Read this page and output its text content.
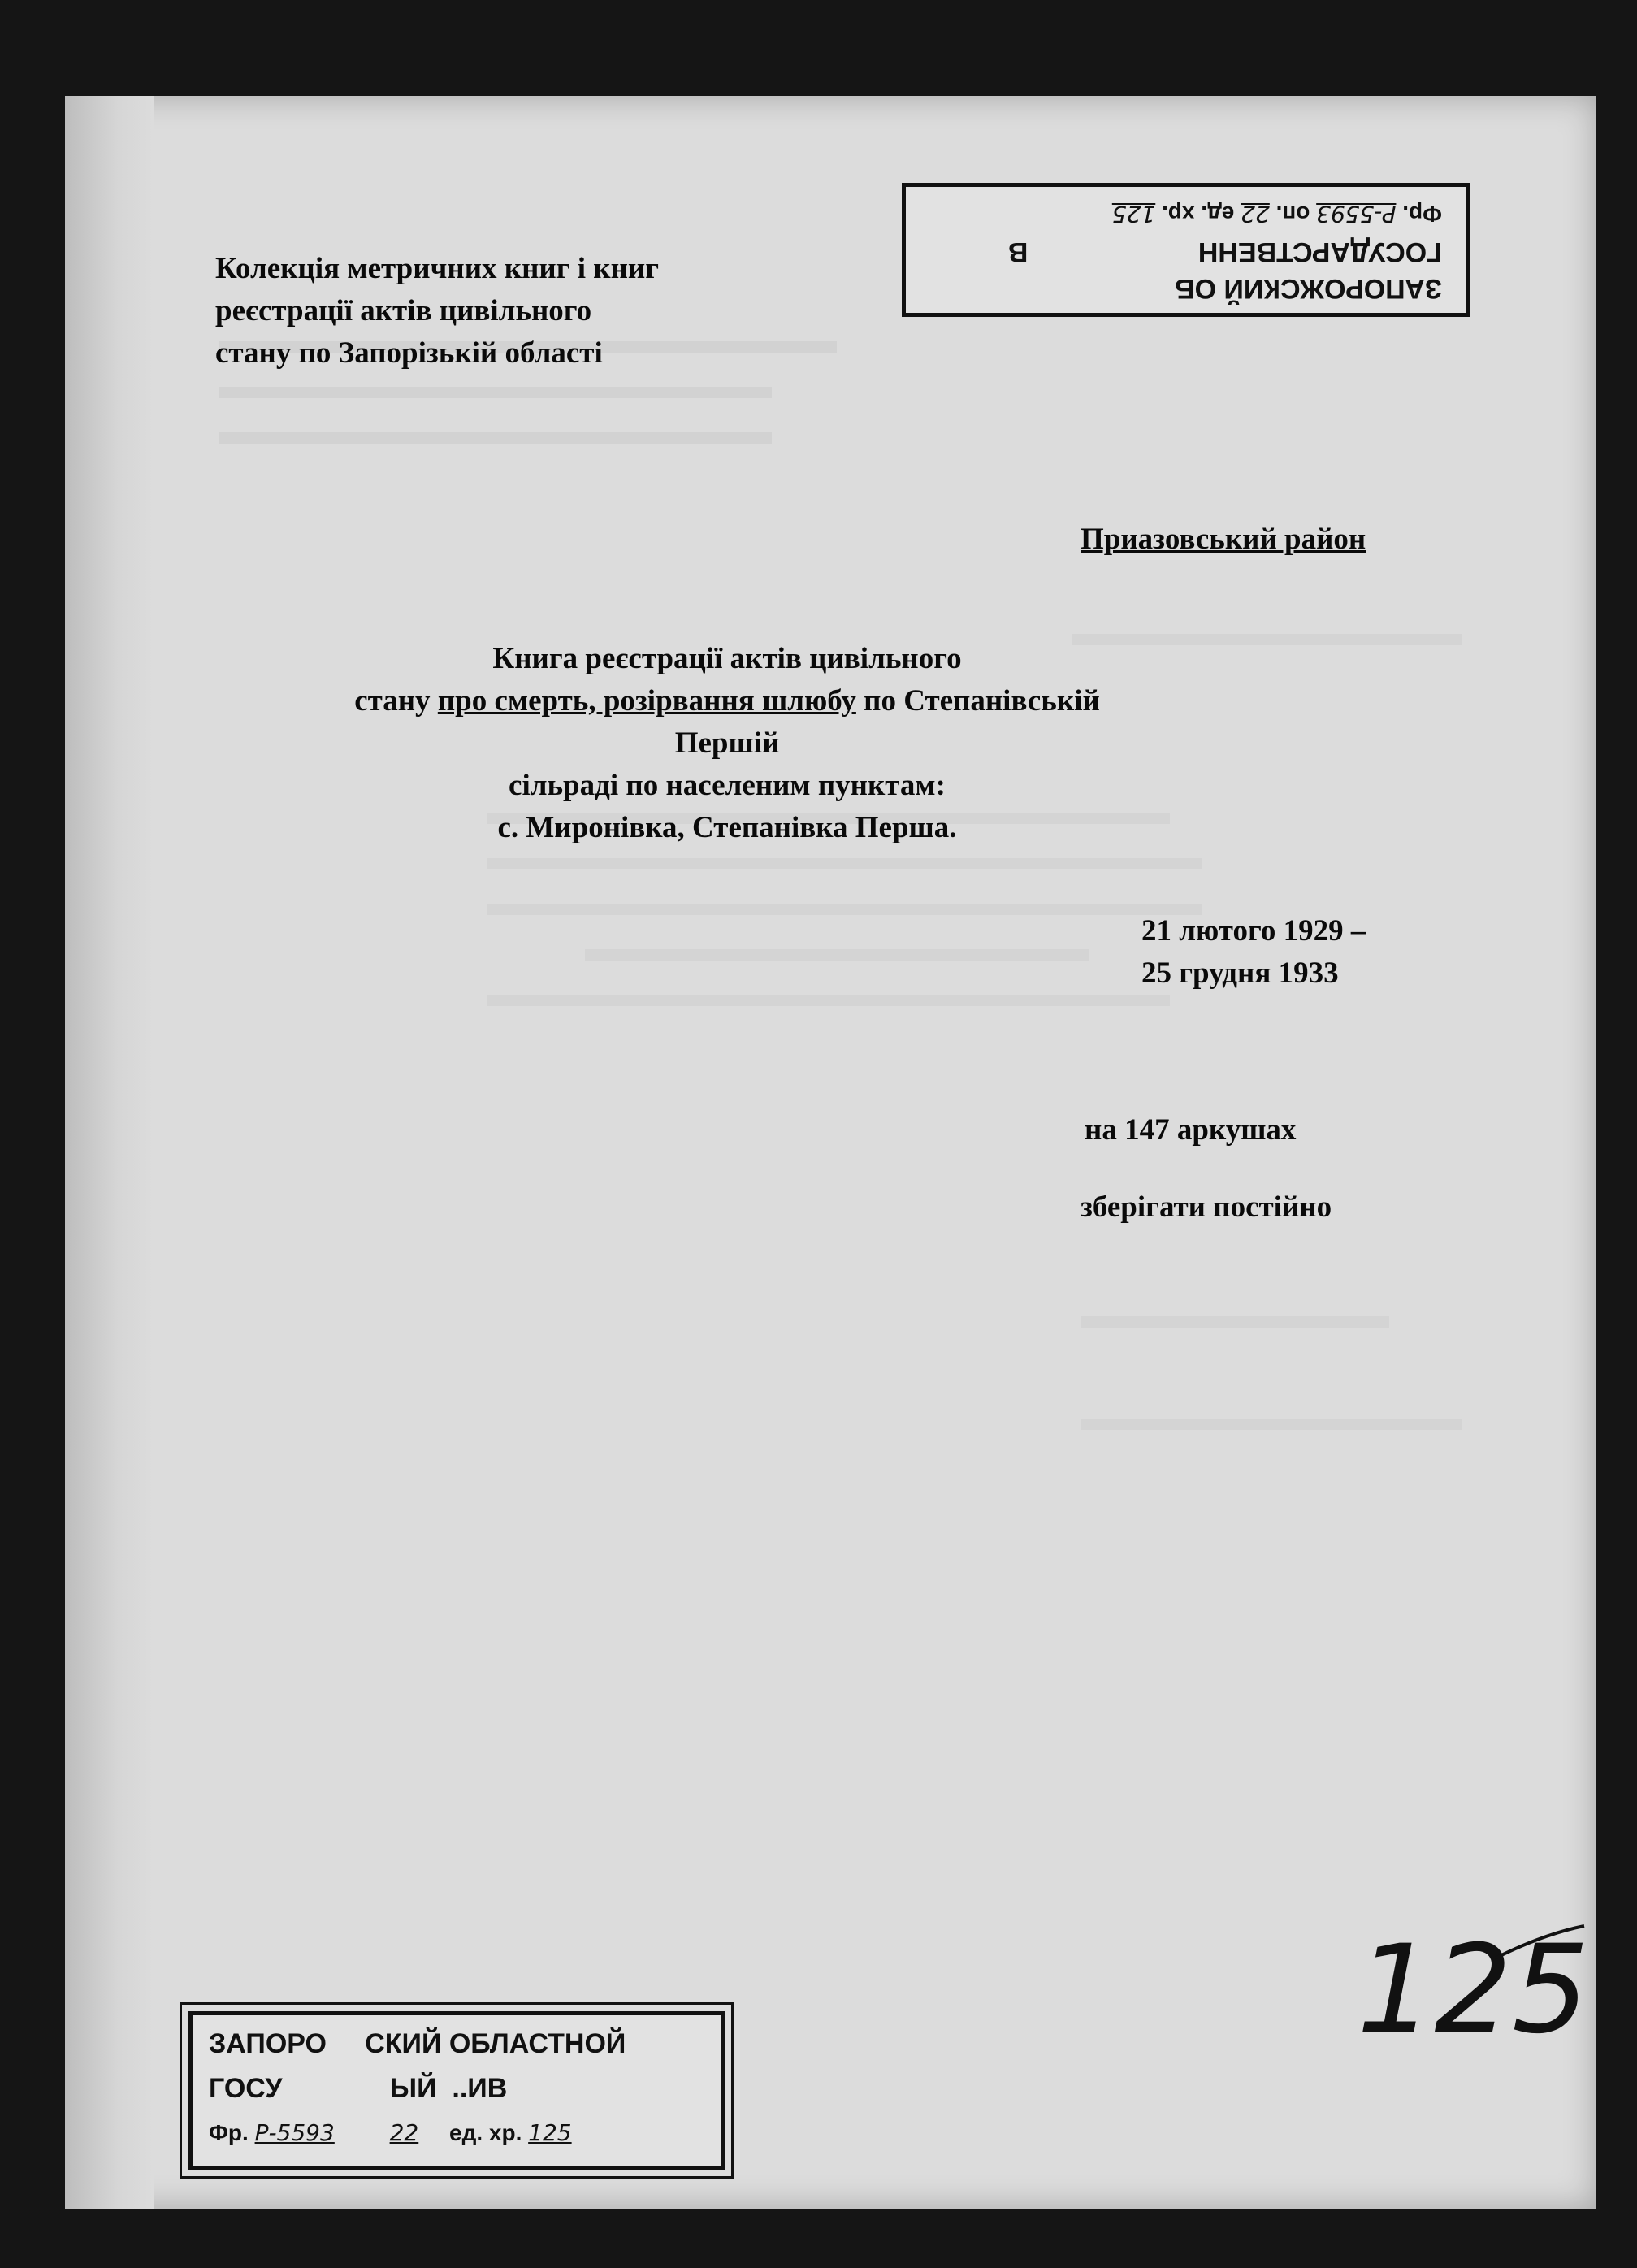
Колекція метричних книг і книг
реєстрації актів цивільного
стану по Запорізькій області
Приазовський район
Книга реєстрації актів цивільного
стану про смерть, розірвання шлюбу по Степанівській Першій
сільраді по населеним пунктам:
с. Миронівка, Степанівка Перша.
21 лютого 1929 –
25 грудня 1933
на 147 аркушах
зберігати постійно
ЗАПОРОЖСКИЙ ОБ
ГОСУДАРСТВЕНН В
Фр. Р-5593 оп. 22 ед. хр. 125
ЗАПОРО     СКИЙ ОБЛАСТНОЙ
ГОСУ              ЫЙ  ..ИВ
Фр. Р-5593 22 ед. хр. 125
125
